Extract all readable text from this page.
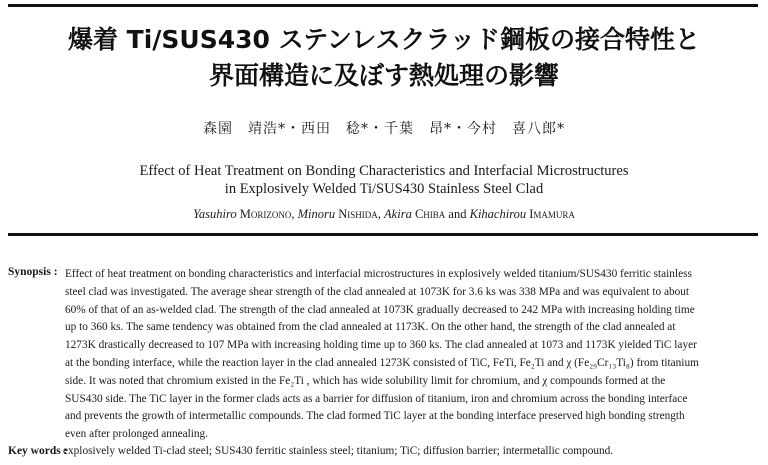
爆着 Ti/SUS430 ステンレスクラッド鋼板の接合特性と
界面構造に及ぼす熱処理の影響
森園　靖浩*・西田　稔*・千葉　昂*・今村　喜八郎*
Effect of Heat Treatment on Bonding Characteristics and Interfacial Microstructures
in Explosively Welded Ti/SUS430 Stainless Steel Clad
Yasuhiro Morizono, Minoru Nishida, Akira Chiba and Kihachirou Imamura
Synopsis : Effect of heat treatment on bonding characteristics and interfacial microstructures in explosively welded titanium/SUS430 ferritic stainless
steel clad was investigated. The average shear strength of the clad annealed at 1073K for 3.6 ks was 338 MPa and was equivalent to about
60% of that of an as-welded clad. The strength of the clad annealed at 1073K gradually decreased to 242 MPa with increasing holding time
up to 360 ks. The same tendency was obtained from the clad annealed at 1173K. On the other hand, the strength of the clad annealed at
1273K drastically decreased to 107 MPa with increasing holding time up to 360 ks. The clad annealed at 1073 and 1173K yielded TiC layer
at the bonding interface, while the reaction layer in the clad annealed 1273K consisted of TiC, FeTi, Fe₂Ti and χ (Fe₂₉Cr₁₃Ti₈) from titanium
side. It was noted that chromium existed in the Fe₂Ti , which has wide solubility limit for chromium, and χ compounds formed at the
SUS430 side. The TiC layer in the former clads acts as a barrier for diffusion of titanium, iron and chromium across the bonding interface
and prevents the growth of intermetallic compounds. The clad formed TiC layer at the bonding interface preserved high bonding strength
even after prolonged annealing.
Key words :
explosively welded Ti-clad steel; SUS430 ferritic stainless steel; titanium; TiC; diffusion barrier; intermetallic compound.
